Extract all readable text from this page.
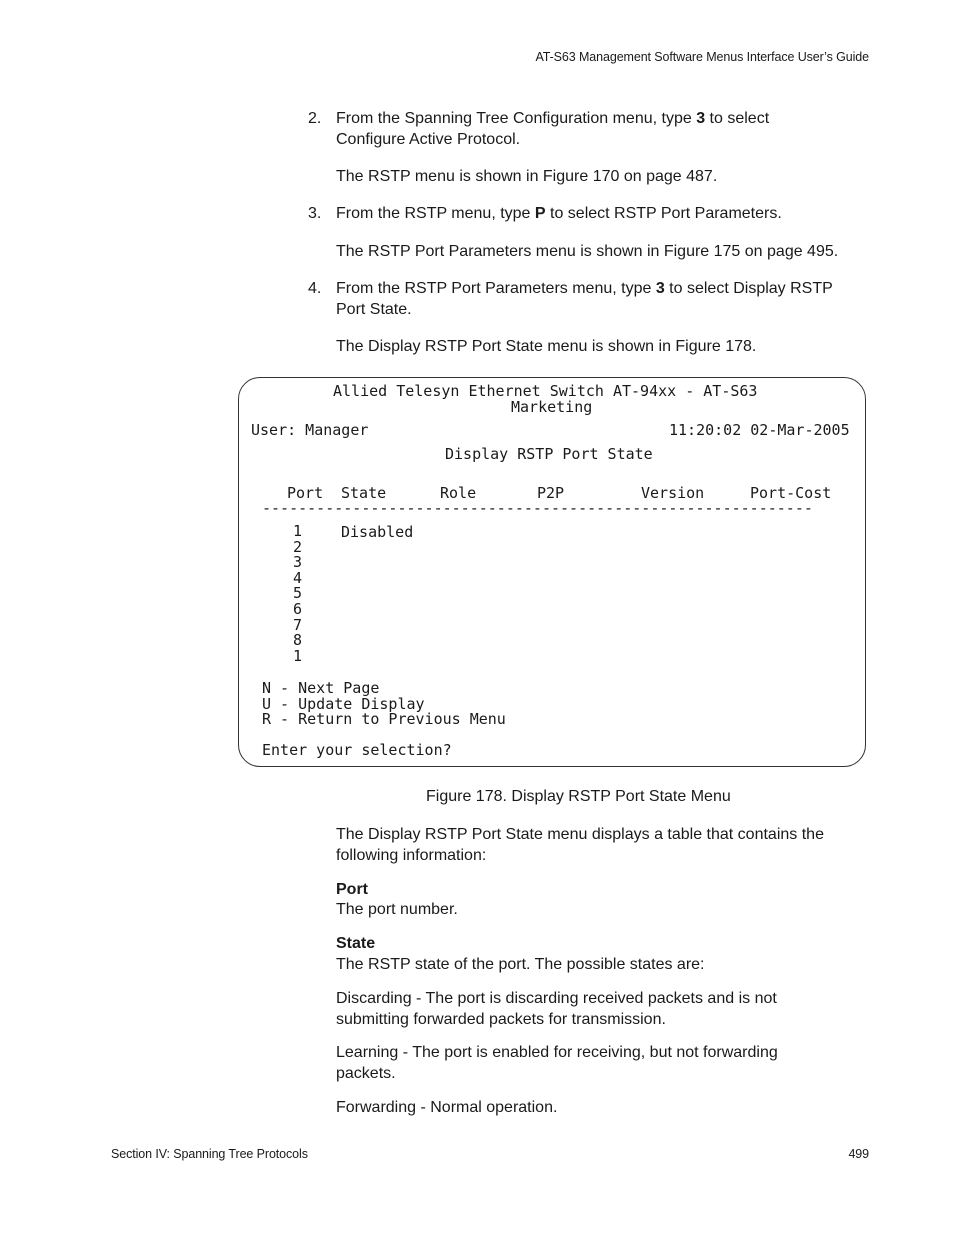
AT-S63 Management Software Menus Interface User’s Guide
2. From the Spanning Tree Configuration menu, type 3 to select
Configure Active Protocol.
The RSTP menu is shown in Figure 170 on page 487.
3. From the RSTP menu, type P to select RSTP Port Parameters.
The RSTP Port Parameters menu is shown in Figure 175 on page 495.
4. From the RSTP Port Parameters menu, type 3 to select Display RSTP
Port State.
The Display RSTP Port State menu is shown in Figure 178.
Allied Telesyn Ethernet Switch AT-94xx - AT-S63
Marketing
User: Manager	11:20:02 02-Mar-2005
Display RSTP Port State
Port State	Role	P2P	Version	Port-Cost
-------------------------------------------------------------
1	Disabled
2
3
4
5
6
7
8
1
N - Next Page
U - Update Display
R - Return to Previous Menu
Enter your selection?
Figure 178. Display RSTP Port State Menu
The Display RSTP Port State menu displays a table that contains the
following information:
Port
The port number.
State
The RSTP state of the port. The possible states are:
Discarding - The port is discarding received packets and is not
submitting forwarded packets for transmission.
Learning - The port is enabled for receiving, but not forwarding
packets.
Forwarding - Normal operation.
Section IV: Spanning Tree Protocols	499
